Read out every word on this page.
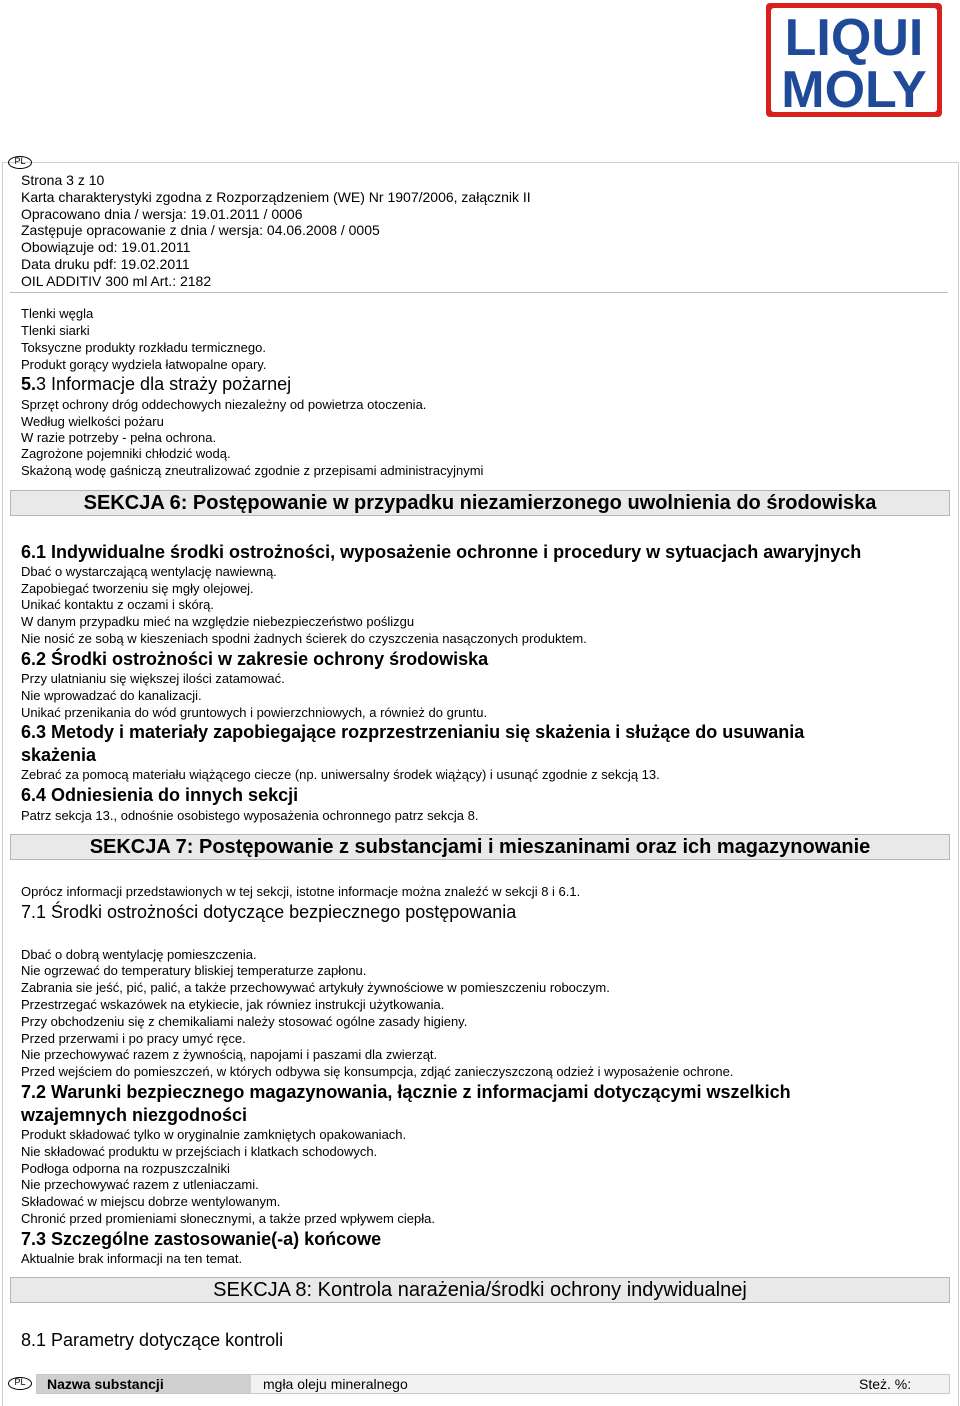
LIQUI
MOLY
PL
Strona 3 z 10
Karta charakterystyki zgodna z Rozporządzeniem (WE) Nr 1907/2006, załącznik II
Opracowano dnia / wersja: 19.01.2011 / 0006
Zastępuje opracowanie z dnia / wersja: 04.06.2008 / 0005
Obowiązuje od: 19.01.2011
Data druku pdf: 19.02.2011
OIL ADDITIV 300 ml Art.: 2182
Tlenki węgla
Tlenki siarki
Toksyczne produkty rozkładu termicznego.
Produkt gorący wydziela łatwopalne opary.
5.3 Informacje dla straży pożarnej
Sprzęt ochrony dróg oddechowych niezależny od powietrza otoczenia.
Według wielkości pożaru
W razie potrzeby - pełna ochrona.
Zagrożone pojemniki chłodzić wodą.
Skażoną wodę gaśniczą zneutralizować zgodnie z przepisami administracyjnymi
SEKCJA 6: Postępowanie w przypadku niezamierzonego uwolnienia do środowiska
6.1 Indywidualne środki ostrożności, wyposażenie ochronne i procedury w sytuacjach awaryjnych
Dbać o wystarczającą wentylację nawiewną.
Zapobiegać tworzeniu się mgły olejowej.
Unikać kontaktu z oczami i skórą.
W danym przypadku mieć na względzie niebezpieczeństwo poślizgu
Nie nosić ze sobą w kieszeniach spodni żadnych ścierek do czyszczenia nasączonych produktem.
6.2 Środki ostrożności w zakresie ochrony środowiska
Przy ulatnianiu się większej ilości zatamować.
Nie wprowadzać do kanalizacji.
Unikać przenikania do wód gruntowych i powierzchniowych, a również do gruntu.
6.3 Metody i materiały zapobiegające rozprzestrzenianiu się skażenia i służące do usuwania
skażenia
Zebrać za pomocą materiału wiążącego ciecze (np. uniwersalny środek wiążący) i usunąć zgodnie z sekcją 13.
6.4 Odniesienia do innych sekcji
Patrz sekcja 13., odnośnie osobistego wyposażenia ochronnego patrz sekcja 8.
SEKCJA 7: Postępowanie z substancjami i mieszaninami oraz ich magazynowanie
Oprócz informacji przedstawionych w tej sekcji, istotne informacje można znaleźć w sekcji 8 i 6.1.
7.1 Środki ostrożności dotyczące bezpiecznego postępowania
Dbać o dobrą wentylację pomieszczenia.
Nie ogrzewać do temperatury bliskiej temperaturze zapłonu.
Zabrania sie jeść, pić, palić, a także przechowywać artykuły żywnościowe w pomieszczeniu roboczym.
Przestrzegać wskazówek na etykiecie, jak równiez instrukcji użytkowania.
Przy obchodzeniu się z chemikaliami należy stosować ogólne zasady higieny.
Przed przerwami i po pracy umyć ręce.
Nie przechowywać razem z żywnością, napojami i paszami dla zwierząt.
Przed wejściem do pomieszczeń, w których odbywa się konsumpcja, zdjąć zanieczyszczoną odzież i wyposażenie ochrone.
7.2 Warunki bezpiecznego magazynowania, łącznie z informacjami dotyczącymi wszelkich
wzajemnych niezgodności
Produkt składować tylko w oryginalnie zamkniętych opakowaniach.
Nie składować produktu w przejściach i klatkach schodowych.
Podłoga odporna na rozpuszczalniki
Nie przechowywać razem z utleniaczami.
Składować w miejscu dobrze wentylowanym.
Chronić przed promieniami słonecznymi, a także przed wpływem ciepła.
7.3 Szczególne zastosowanie(-a) końcowe
Aktualnie brak informacji na ten temat.
SEKCJA 8: Kontrola narażenia/środki ochrony indywidualnej
8.1 Parametry dotyczące kontroli
PL	Nazwa substancji	mgła oleju mineralnego	Steż. %:
